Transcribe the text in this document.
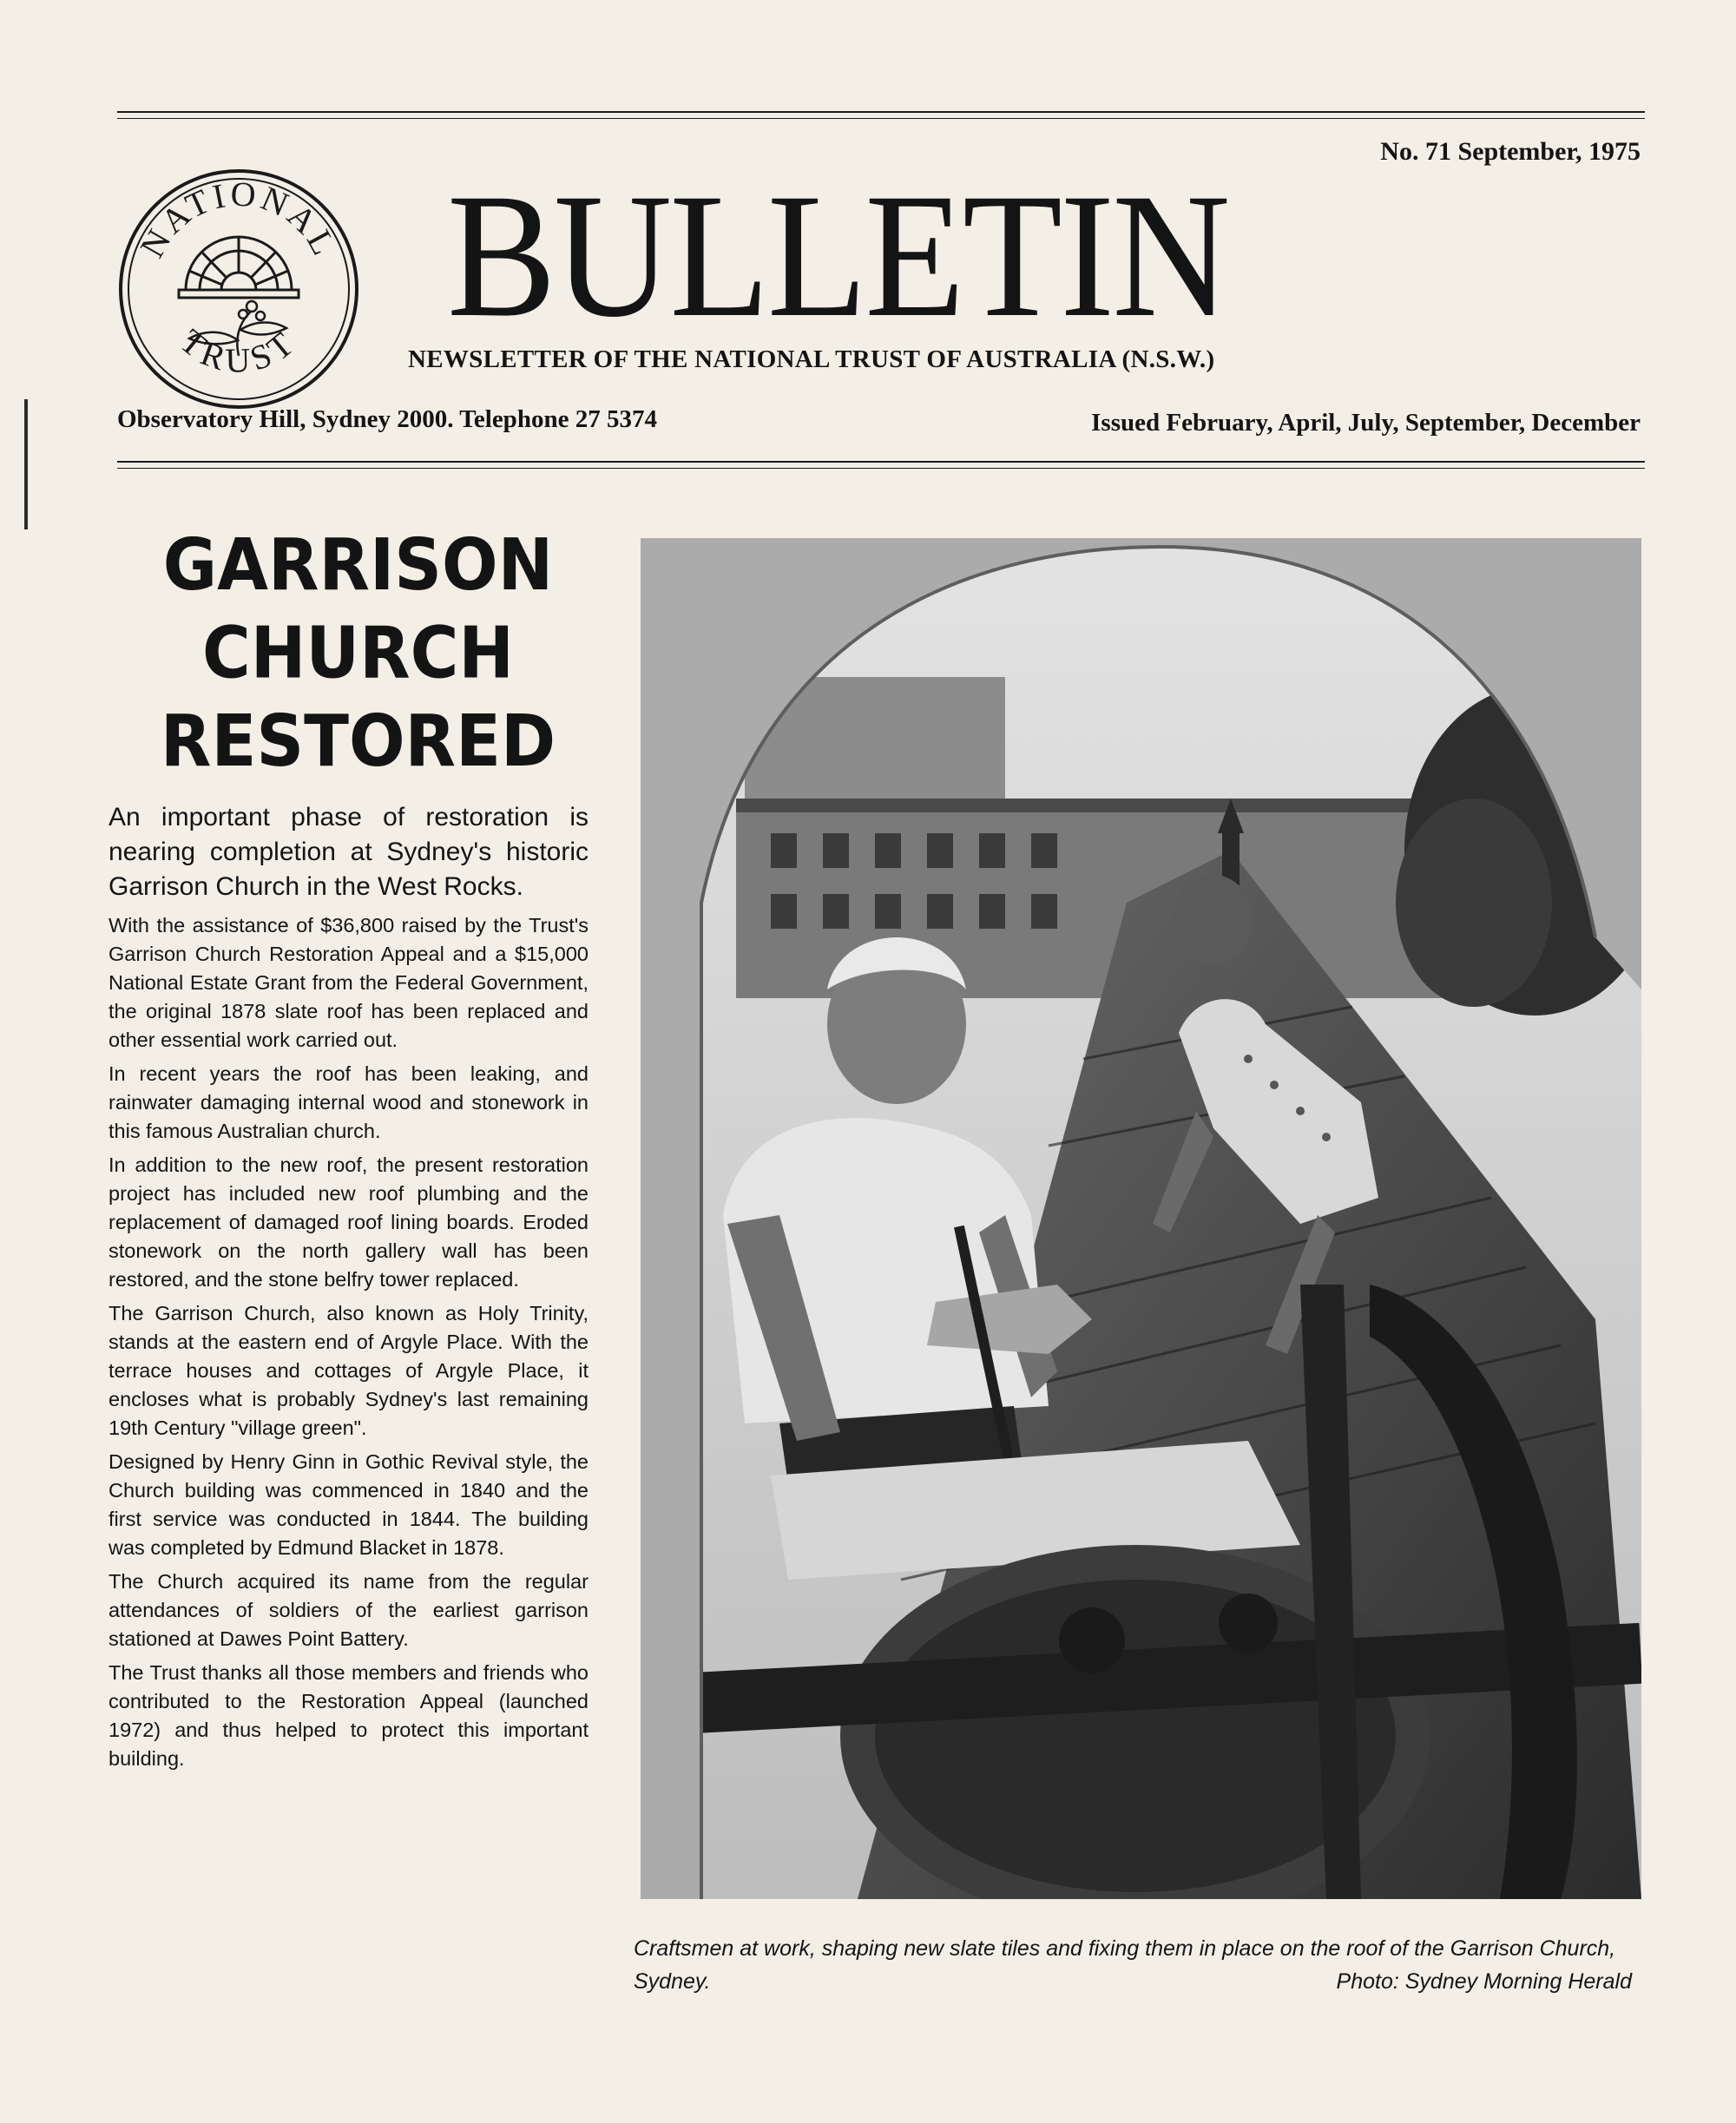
NATIONAL
TRUST
No. 71 September, 1975
BULLETIN
NEWSLETTER OF THE NATIONAL TRUST OF AUSTRALIA (N.S.W.)
Observatory Hill, Sydney 2000. Telephone 27 5374	Issued February, April, July, September, December
GARRISON
CHURCH
RESTORED

An important phase of restoration is nearing completion at Sydney's historic Garrison Church in the West Rocks.

With the assistance of $36,800 raised by the Trust's Garrison Church Restoration Appeal and a $15,000 National Estate Grant from the Federal Government, the original 1878 slate roof has been replaced and other essential work carried out.

In recent years the roof has been leaking, and rainwater damaging internal wood and stonework in this famous Australian church.

In addition to the new roof, the present restoration project has included new roof plumbing and the replacement of damaged roof lining boards. Eroded stonework on the north gallery wall has been restored, and the stone belfry tower replaced.

The Garrison Church, also known as Holy Trinity, stands at the eastern end of Argyle Place. With the terrace houses and cottages of Argyle Place, it encloses what is probably Sydney's last remaining 19th Century "village green".

Designed by Henry Ginn in Gothic Revival style, the Church building was commenced in 1840 and the first service was conducted in 1844. The building was completed by Edmund Blacket in 1878.

The Church acquired its name from the regular attendances of soldiers of the earliest garrison stationed at Dawes Point Battery.

The Trust thanks all those members and friends who contributed to the Restoration Appeal (launched 1972) and thus helped to protect this important building.

Craftsmen at work, shaping new slate tiles and fixing them in place on the roof of the Garrison Church, Sydney.	Photo: Sydney Morning Herald
